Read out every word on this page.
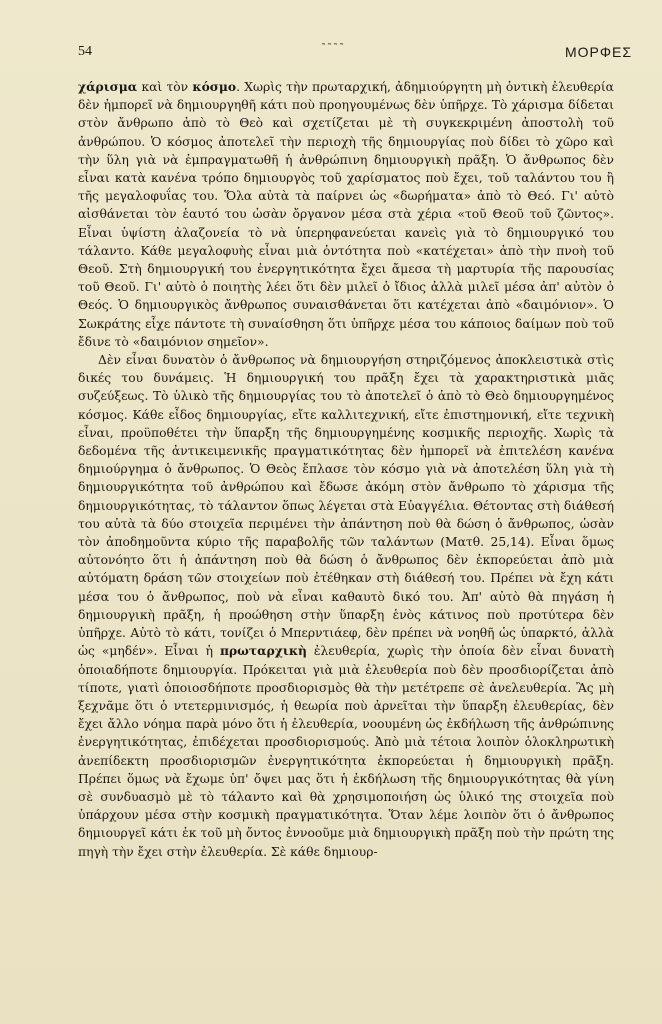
54	˜˜˜˜	ΜΟΡΦΕΣ

χάρισμα καὶ τὸν κόσμο. Χωρὶς τὴν πρωταρχική, ἀδημιούργητη μὴ ὀντικὴ ἐλευθερία δὲν ἠμπορεῖ νὰ δημιουργηθῆ κάτι ποὺ προηγουμένως δὲν ὑπῆρχε. Τὸ χάρισμα δίδεται στὸν ἄνθρωπο ἀπὸ τὸ Θεὸ καὶ σχετίζεται μὲ τὴ συγκεκριμένη ἀποστολὴ τοῦ ἀνθρώπου. Ὁ κόσμος ἀποτελεῖ τὴν περιοχὴ τῆς δημιουργίας ποὺ δίδει τὸ χῶρο καὶ τὴν ὕλη γιὰ νὰ ἐμπραγματωθῆ ἡ ἀνθρώπινη δημιουργικὴ πρᾶξη. Ὁ ἄνθρωπος δὲν εἶναι κατὰ κανένα τρόπο δημιουργὸς τοῦ χαρίσματος ποὺ ἔχει, τοῦ ταλάντου του ἢ τῆς μεγαλοφυΐας του. Ὅλα αὐτὰ τὰ παίρνει ὡς «δωρήματα» ἀπὸ τὸ Θεό. Γι' αὐτὸ αἰσθάνεται τὸν ἑαυτό του ὡσὰν ὄργανον μέσα στὰ χέρια «τοῦ Θεοῦ τοῦ ζῶντος». Εἶναι ὑψίστη ἀλαζονεία τὸ νὰ ὑπερηφανεύεται κανεὶς γιὰ τὸ δημιουργικό του τάλαντο. Κάθε μεγαλοφυὴς εἶναι μιὰ ὀντότητα ποὺ «κατέχεται» ἀπὸ τὴν πνοὴ τοῦ Θεοῦ. Στὴ δημιουργική του ἐνεργητικότητα ἔχει ἄμεσα τὴ μαρτυρία τῆς παρουσίας τοῦ Θεοῦ. Γι' αὐτὸ ὁ ποιητὴς λέει ὅτι δὲν μιλεῖ ὁ ἴδιος ἀλλὰ μιλεῖ μέσα ἀπ' αὐτὸν ὁ Θεός. Ὁ δημιουργικὸς ἄνθρωπος συναισθάνεται ὅτι κατέχεται ἀπὸ «δαιμόνιον». Ὁ Σωκράτης εἶχε πάντοτε τὴ συναίσθηση ὅτι ὑπῆρχε μέσα του κάποιος δαίμων ποὺ τοῦ ἔδινε τὸ «δαιμόνιον σημεῖον».

Δὲν εἶναι δυνατὸν ὁ ἄνθρωπος νὰ δημιουργήση στηριζόμενος ἀποκλειστικὰ στὶς δικές του δυνάμεις. Ἡ δημιουργική του πρᾶξη ἔχει τὰ χαρακτηριστικὰ μιᾶς συζεύξεως. Τὸ ὑλικὸ τῆς δημιουργίας του τὸ ἀποτελεῖ ὁ ἀπὸ τὸ Θεὸ δημιουργημένος κόσμος. Κάθε εἶδος δημιουργίας, εἴτε καλλιτεχνική, εἴτε ἐπιστημονική, εἴτε τεχνικὴ εἶναι, προϋποθέτει τὴν ὕπαρξη τῆς δημιουργημένης κοσμικῆς περιοχῆς. Χωρὶς τὰ δεδομένα τῆς ἀντικειμενικῆς πραγματικότητας δὲν ἠμπορεῖ νὰ ἐπιτελέση κανένα δημιούργημα ὁ ἄνθρωπος. Ὁ Θεὸς ἔπλασε τὸν κόσμο γιὰ νὰ ἀποτελέση ὕλη γιὰ τὴ δημιουργικότητα τοῦ ἀνθρώπου καὶ ἔδωσε ἀκόμη στὸν ἄνθρωπο τὸ χάρισμα τῆς δημιουργικότητας, τὸ τάλαντον ὅπως λέγεται στὰ Εὐαγγέλια. Θέτοντας στὴ διάθεσή του αὐτὰ τὰ δύο στοιχεῖα περιμένει τὴν ἀπάντηση ποὺ θὰ δώση ὁ ἄνθρωπος, ὡσὰν τὸν ἀποδημοῦντα κύριο τῆς παραβολῆς τῶν ταλάντων (Ματθ. 25,14). Εἶναι ὅμως αὐτονόητο ὅτι ἡ ἀπάντηση ποὺ θὰ δώση ὁ ἄνθρωπος δὲν ἐκπορεύεται ἀπὸ μιὰ αὐτόματη δράση τῶν στοιχείων ποὺ ἐτέθηκαν στὴ διάθεσή του. Πρέπει νὰ ἔχη κάτι μέσα του ὁ ἄνθρωπος, ποὺ νὰ εἶναι καθαυτὸ δικό του. Ἀπ' αὐτὸ θὰ πηγάση ἡ δημιουργικὴ πρᾶξη, ἡ προώθηση στὴν ὕπαρξη ἑνὸς κάτινος ποὺ προτύτερα δὲν ὑπῆρχε. Αὐτὸ τὸ κάτι, τονίζει ὁ Μπερντιάεφ, δὲν πρέπει νὰ νοηθῆ ὡς ὑπαρκτό, ἀλλὰ ὡς «μηδέν». Εἶναι ἡ πρωταρχικὴ ἐλευθερία, χωρὶς τὴν ὁποία δὲν εἶναι δυνατὴ ὁποιαδήποτε δημιουργία. Πρόκειται γιὰ μιὰ ἐλευθερία ποὺ δὲν προσδιορίζεται ἀπὸ τίποτε, γιατὶ ὁποιοσδήποτε προσδιορισμὸς θὰ τὴν μετέτρεπε σὲ ἀνελευθερία. Ἂς μὴ ξεχνᾶμε ὅτι ὁ ντετερμινισμός, ἡ θεωρία ποὺ ἀρνεῖται τὴν ὕπαρξη ἐλευθερίας, δὲν ἔχει ἄλλο νόημα παρὰ μόνο ὅτι ἡ ἐλευθερία, νοουμένη ὡς ἐκδήλωση τῆς ἀνθρώπινης ἐνεργητικότητας, ἐπιδέχεται προσδιορισμούς. Ἀπὸ μιὰ τέτοια λοιπὸν ὁλοκληρωτικὴ ἀνεπίδεκτη προσδιορισμῶν ἐνεργητικότητα ἐκπορεύεται ἡ δημιουργικὴ πρᾶξη. Πρέπει ὅμως νὰ ἔχωμε ὑπ' ὄψει μας ὅτι ἡ ἐκδήλωση τῆς δημιουργικότητας θὰ γίνη σὲ συνδυασμὸ μὲ τὸ τάλαντο καὶ θὰ χρησιμοποιήση ὡς ὑλικό της στοιχεῖα ποὺ ὑπάρχουν μέσα στὴν κοσμικὴ πραγματικότητα. Ὅταν λέμε λοιπὸν ὅτι ὁ ἄνθρωπος δημιουργεῖ κάτι ἐκ τοῦ μὴ ὄντος ἐννοοῦμε μιὰ δημιουργικὴ πρᾶξη ποὺ τὴν πρώτη της πηγὴ τὴν ἔχει στὴν ἐλευθερία. Σὲ κάθε δημιουρ-
